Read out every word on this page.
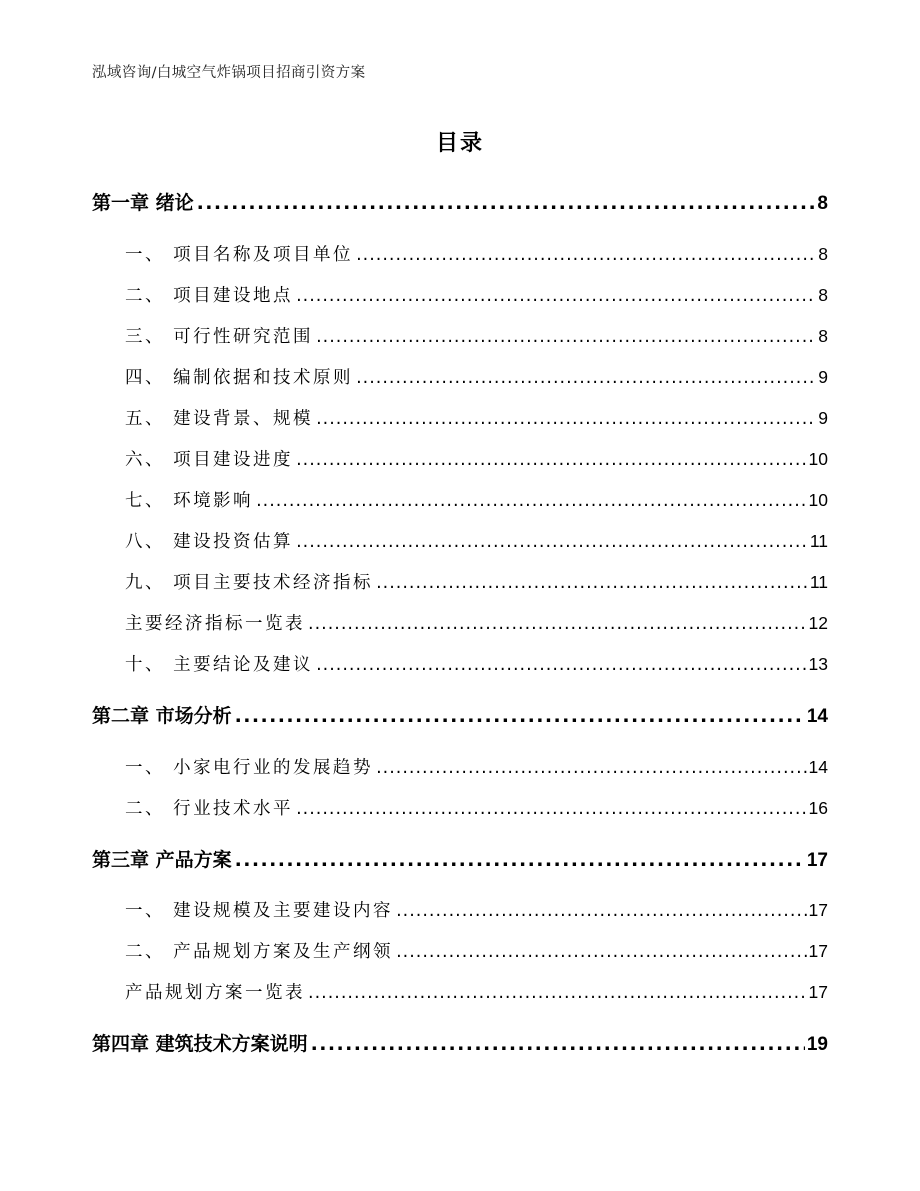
泓域咨询/白城空气炸锅项目招商引资方案
目录
第一章 绪论 .....	8
一、 项目名称及项目单位 .....	8
二、 项目建设地点 .....	8
三、 可行性研究范围 .....	8
四、 编制依据和技术原则 .....	9
五、 建设背景、规模 .....	9
六、 项目建设进度 .....	10
七、 环境影响 .....	10
八、 建设投资估算 .....	11
九、 项目主要技术经济指标 .....	11
主要经济指标一览表 .....	12
十、 主要结论及建议 .....	13
第二章 市场分析 .....	14
一、 小家电行业的发展趋势 .....	14
二、 行业技术水平 .....	16
第三章 产品方案 .....	17
一、 建设规模及主要建设内容 .....	17
二、 产品规划方案及生产纲领 .....	17
产品规划方案一览表 .....	17
第四章 建筑技术方案说明 .....	19
